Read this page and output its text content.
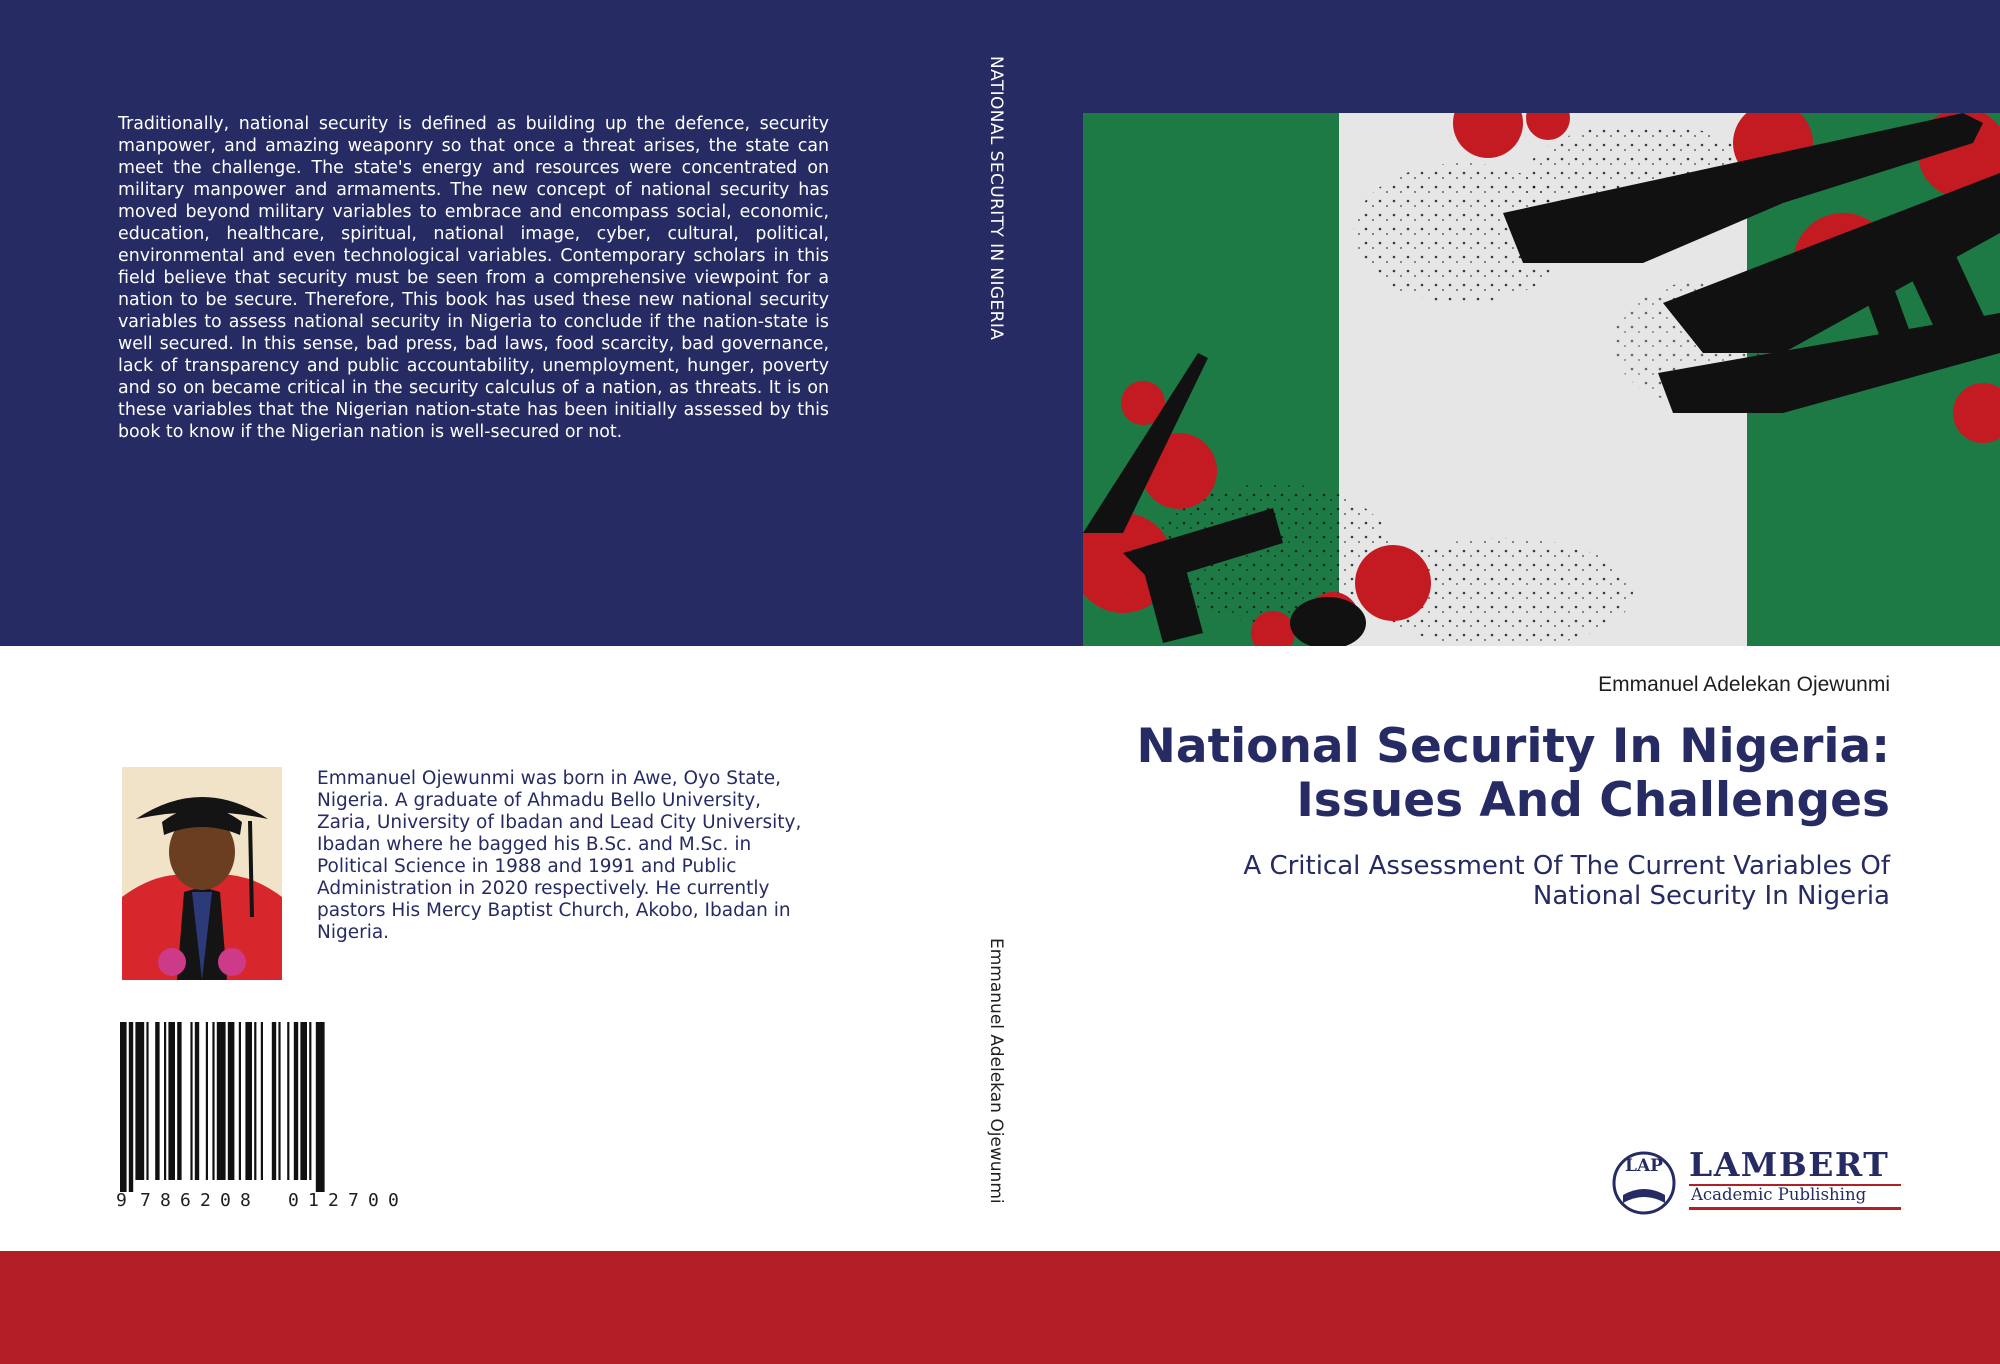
Traditionally, national security is defined as building up the defence, security manpower, and amazing weaponry so that once a threat arises, the state can meet the challenge. The state's energy and resources were concentrated on military manpower and armaments. The new concept of national security has moved beyond military variables to embrace and encompass social, economic, education, healthcare, spiritual, national image, cyber, cultural, political, environmental and even technological variables. Contemporary scholars in this field believe that security must be seen from a comprehensive viewpoint for a nation to be secure. Therefore, This book has used these new national security variables to assess national security in Nigeria to conclude if the nation-state is well secured. In this sense, bad press, bad laws, food scarcity, bad governance, lack of transparency and public accountability, unemployment, hunger, poverty and so on became critical in the security calculus of a nation, as threats. It is on these variables that the Nigerian nation-state has been initially assessed by this book to know if the Nigerian nation is well-secured or not.

NATIONAL SECURITY IN NIGERIA
Emmanuel Adelekan Ojewunmi
Emmanuel Adelekan Ojewunmi
National Security In Nigeria:
Issues And Challenges

A Critical Assessment Of The Current Variables Of
National Security In Nigeria

Emmanuel Ojewunmi was born in Awe, Oyo State, Nigeria. A graduate of Ahmadu Bello University, Zaria, University of Ibadan and Lead City University, Ibadan where he bagged his B.Sc. and M.Sc. in Political Science in 1988 and 1991 and Public Administration in 2020 respectively. He currently pastors His Mercy Baptist Church, Akobo, Ibadan in Nigeria.

9 7 8 6 2 0 8 0 1 2 7 0 0
LAP LAMBERT
Academic Publishing
